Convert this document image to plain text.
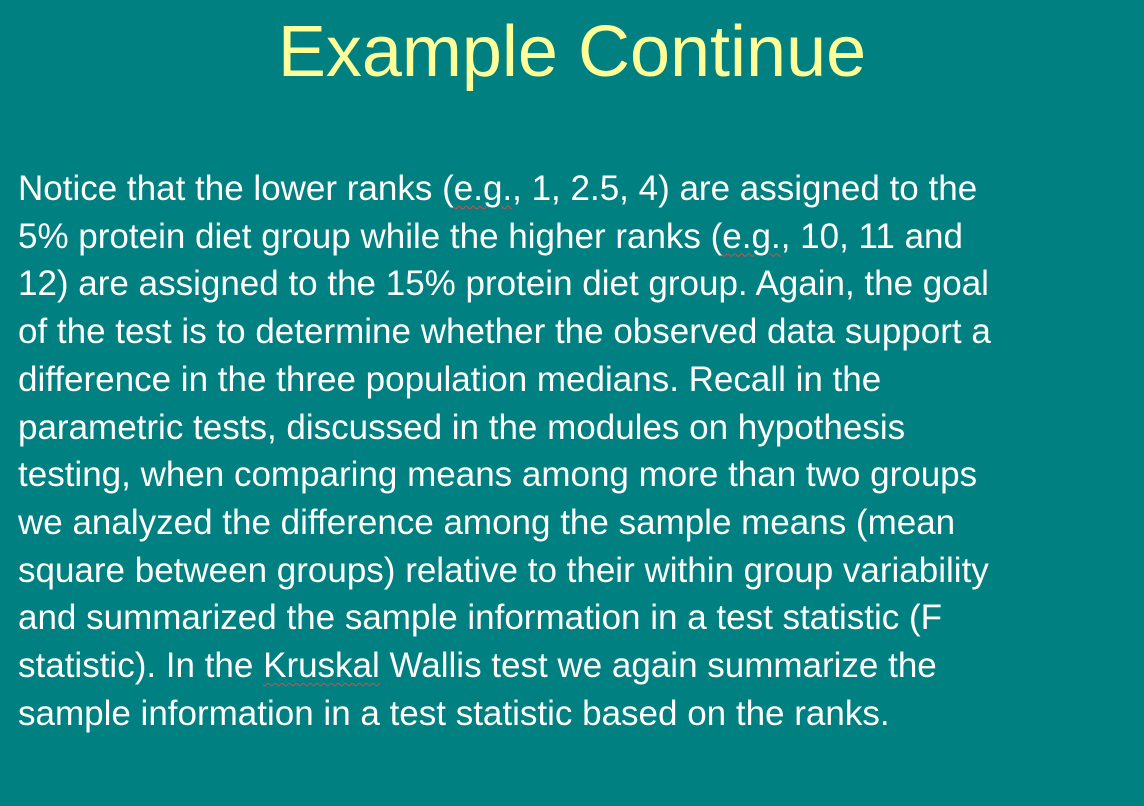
Example Continue
Notice that the lower ranks (e.g., 1, 2.5, 4) are assigned to the
5% protein diet group while the higher ranks (e.g., 10, 11 and
12) are assigned to the 15% protein diet group. Again, the goal
of the test is to determine whether the observed data support a
difference in the three population medians. Recall in the
parametric tests, discussed in the modules on hypothesis
testing, when comparing means among more than two groups
we analyzed the difference among the sample means (mean
square between groups) relative to their within group variability
and summarized the sample information in a test statistic (F
statistic). In the Kruskal Wallis test we again summarize the
sample information in a test statistic based on the ranks.
